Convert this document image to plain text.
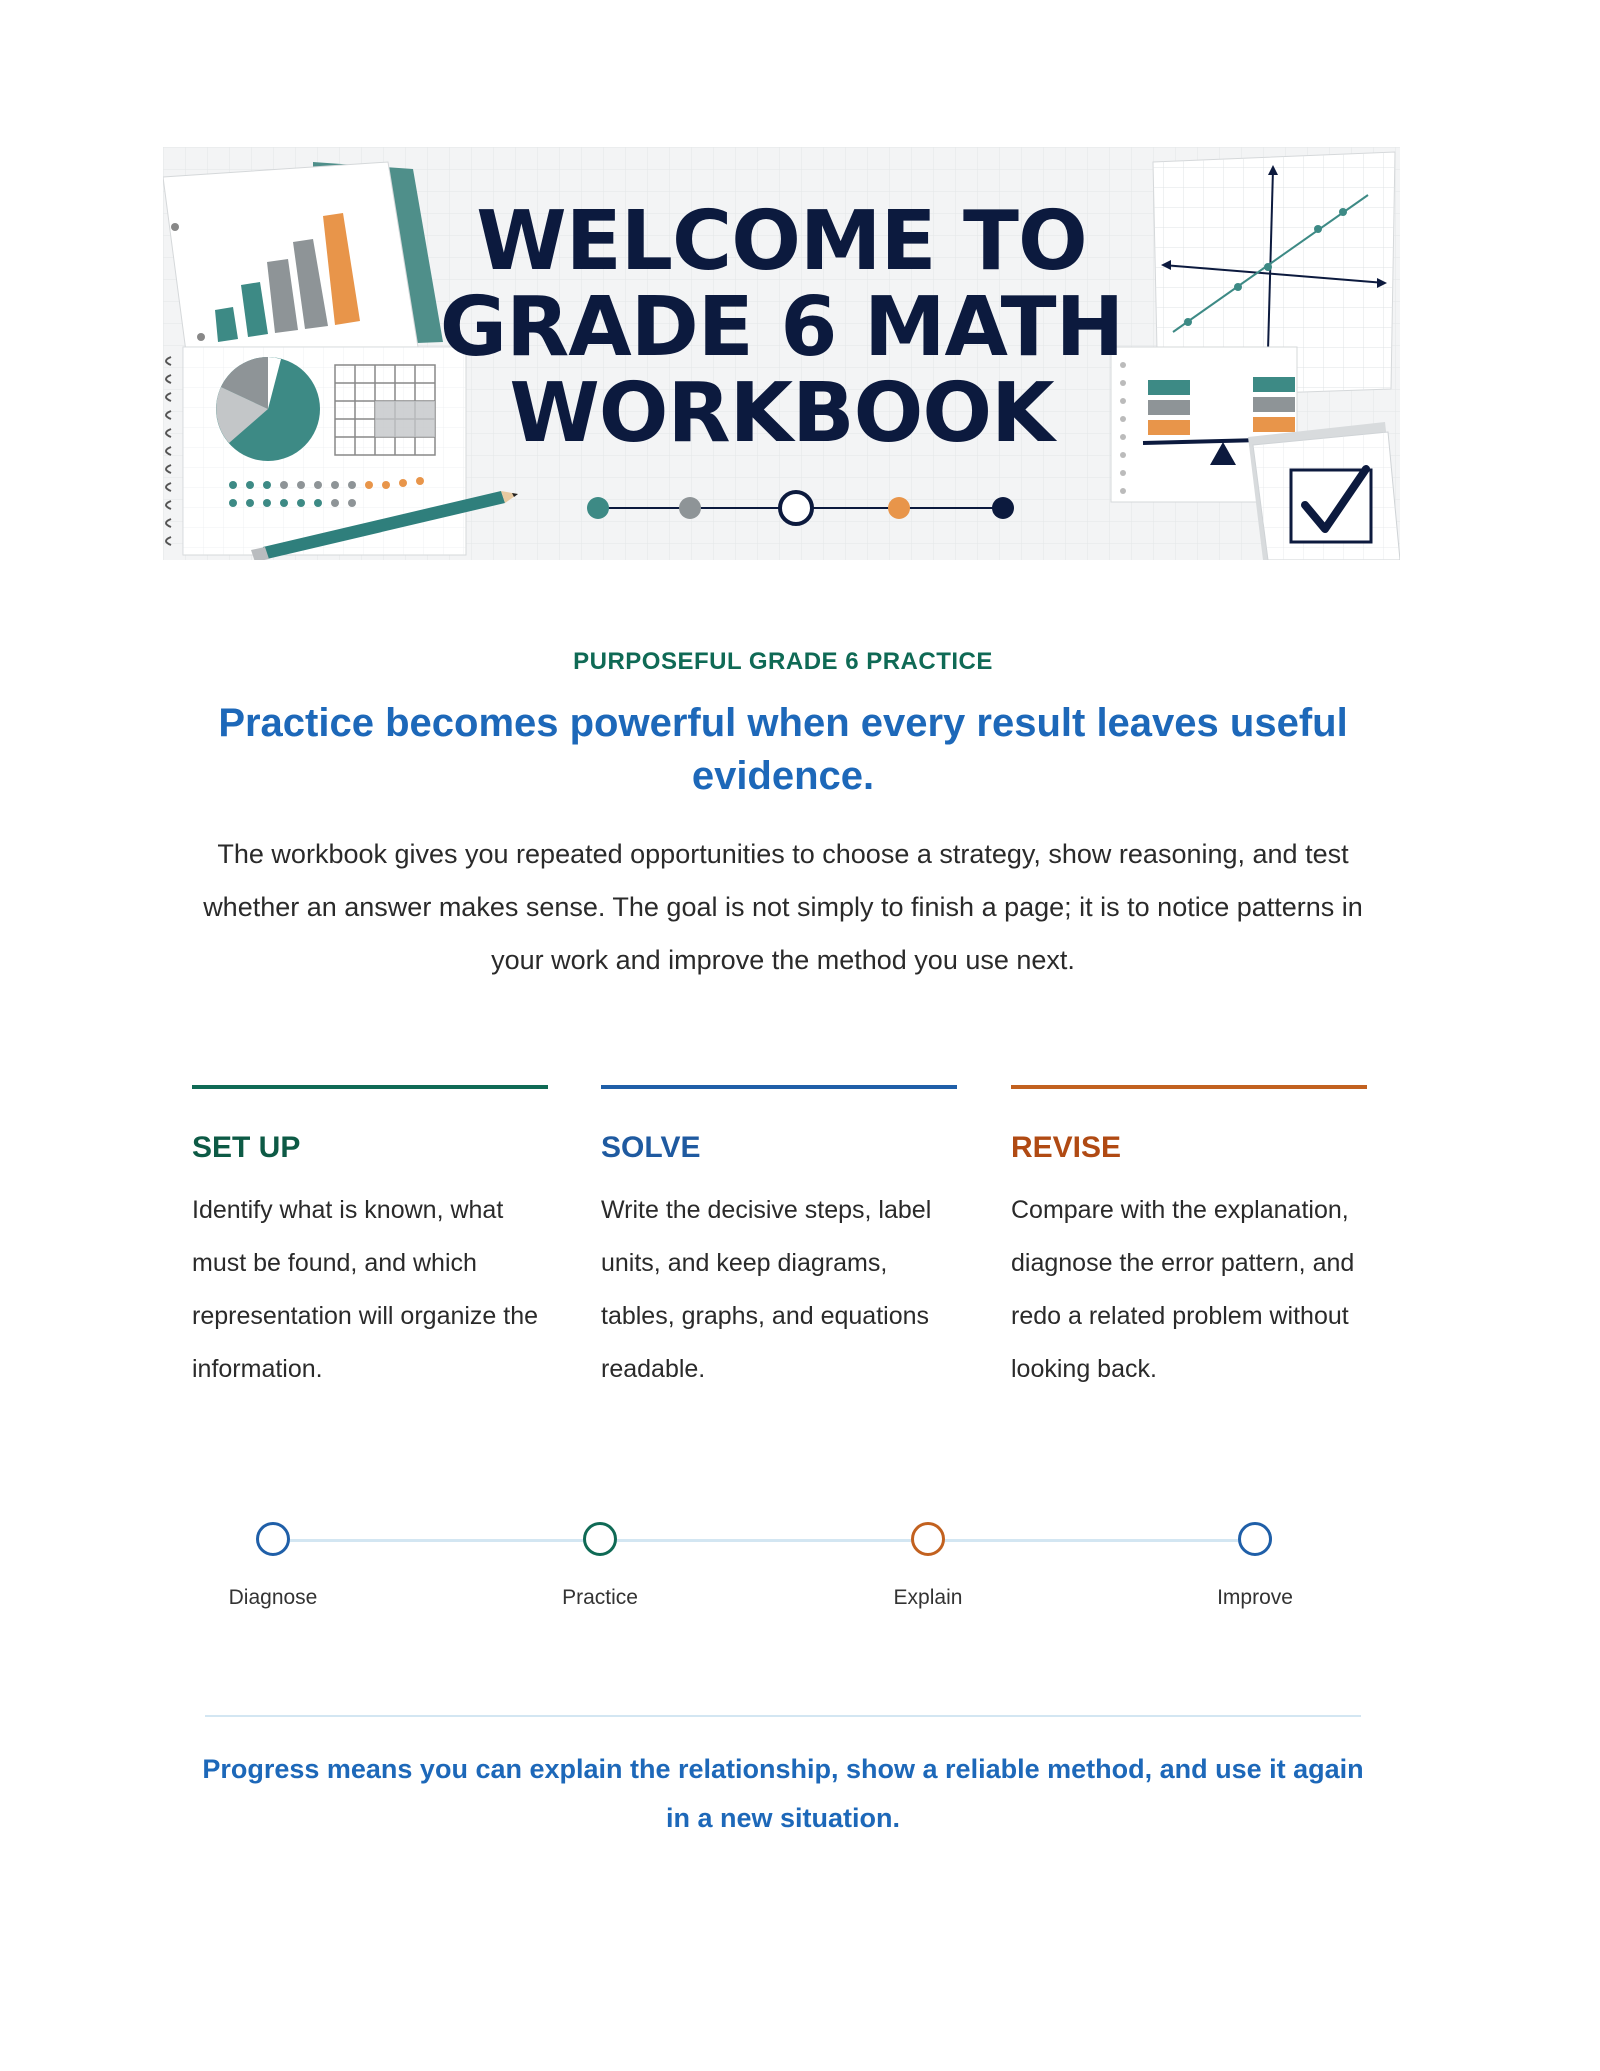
WELCOME TO
GRADE 6 MATH
WORKBOOK
PURPOSEFUL GRADE 6 PRACTICE
Practice becomes powerful when every result leaves useful evidence.
The workbook gives you repeated opportunities to choose a strategy, show reasoning, and test whether an answer makes sense. The goal is not simply to finish a page; it is to notice patterns in your work and improve the method you use next.
SET UP

Identify what is known, what must be found, and which representation will organize the information.

SOLVE

Write the decisive steps, label units, and keep diagrams, tables, graphs, and equations readable.

REVISE

Compare with the explanation, diagnose the error pattern, and redo a related problem without looking back.

Diagnose	Practice	Explain	Improve
Progress means you can explain the relationship, show a reliable method, and use it again in a new situation.
